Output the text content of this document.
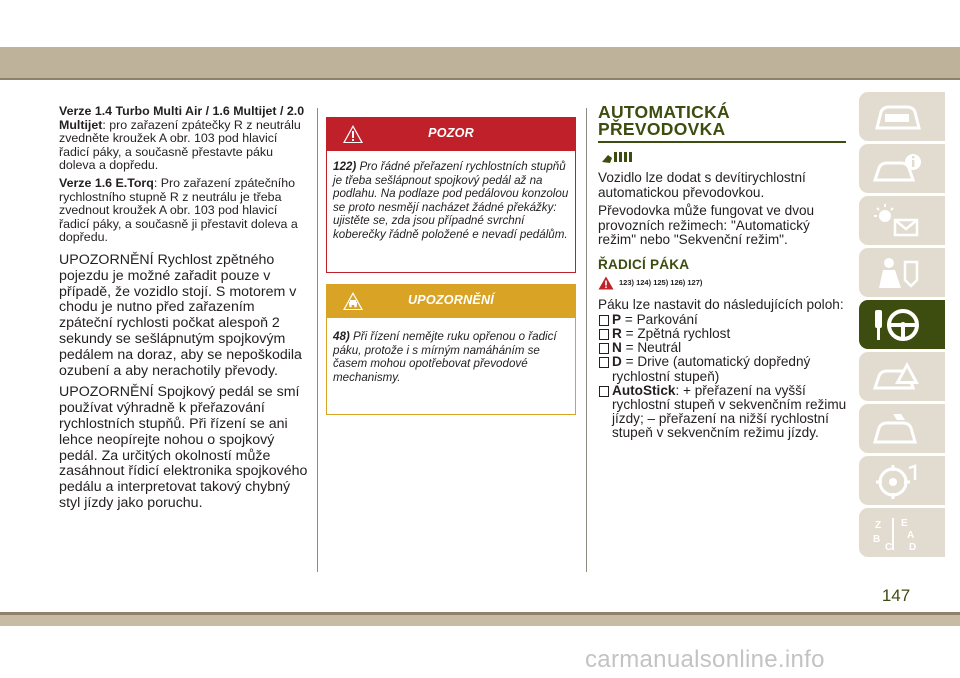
Verze 1.4 Turbo Multi Air / 1.6 Multijet / 2.0 Multijet: pro zařazení zpátečky R z neutrálu zvedněte kroužek A obr. 103 pod hlavicí řadicí páky, a současně přestavte páku doleva a dopředu.

Verze 1.6 E.Torq: Pro zařazení zpátečního rychlostního stupně R z neutrálu je třeba zvednout kroužek A obr. 103 pod hlavicí řadicí páky, a současně ji přestavit doleva a dopředu.

UPOZORNĚNÍ Rychlost zpětného pojezdu je možné zařadit pouze v případě, že vozidlo stojí. S motorem v chodu je nutno před zařazením zpáteční rychlosti počkat alespoň 2 sekundy se sešlápnutým spojkovým pedálem na doraz, aby se nepoškodila ozubení a aby nerachotily převody.

UPOZORNĚNÍ Spojkový pedál se smí používat výhradně k přeřazování rychlostních stupňů. Při řízení se ani lehce neopírejte nohou o spojkový pedál. Za určitých okolností může zasáhnout řídicí elektronika spojkového pedálu a interpretovat takový chybný styl jízdy jako poruchu.

POZOR
122) Pro řádné přeřazení rychlostních stupňů je třeba sešlápnout spojkový pedál až na podlahu. Na podlaze pod pedálovou konzolou se proto nesmějí nacházet žádné překážky: ujistěte se, zda jsou případné svrchní koberečky řádně položené e nevadí pedálům.
UPOZORNĚNÍ
48) Při řízení nemějte ruku opřenou o řadicí páku, protože i s mírným namáháním se časem mohou opotřebovat převodové mechanismy.
AUTOMATICKÁ
PŘEVODOVKA

Vozidlo lze dodat s devítirychlostní automatickou převodovkou.

Převodovka může fungovat ve dvou provozních režimech: "Automatický režim" nebo "Sekvenční režim".

ŘADICÍ PÁKA
123) 124) 125) 126) 127)
Páku lze nastavit do následujících poloh:
P = Parkování
R = Zpětná rychlost
N = Neutrál
D = Drive (automatický dopředný rychlostní stupeň)
AutoStick: + přeřazení na vyšší rychlostní stupeň v sekvenčním režimu jízdy; – přeřazení na nižší rychlostní stupeň v sekvenčním režimu jízdy.
Z E
B	A
C D
147
carmanualsonline.info
